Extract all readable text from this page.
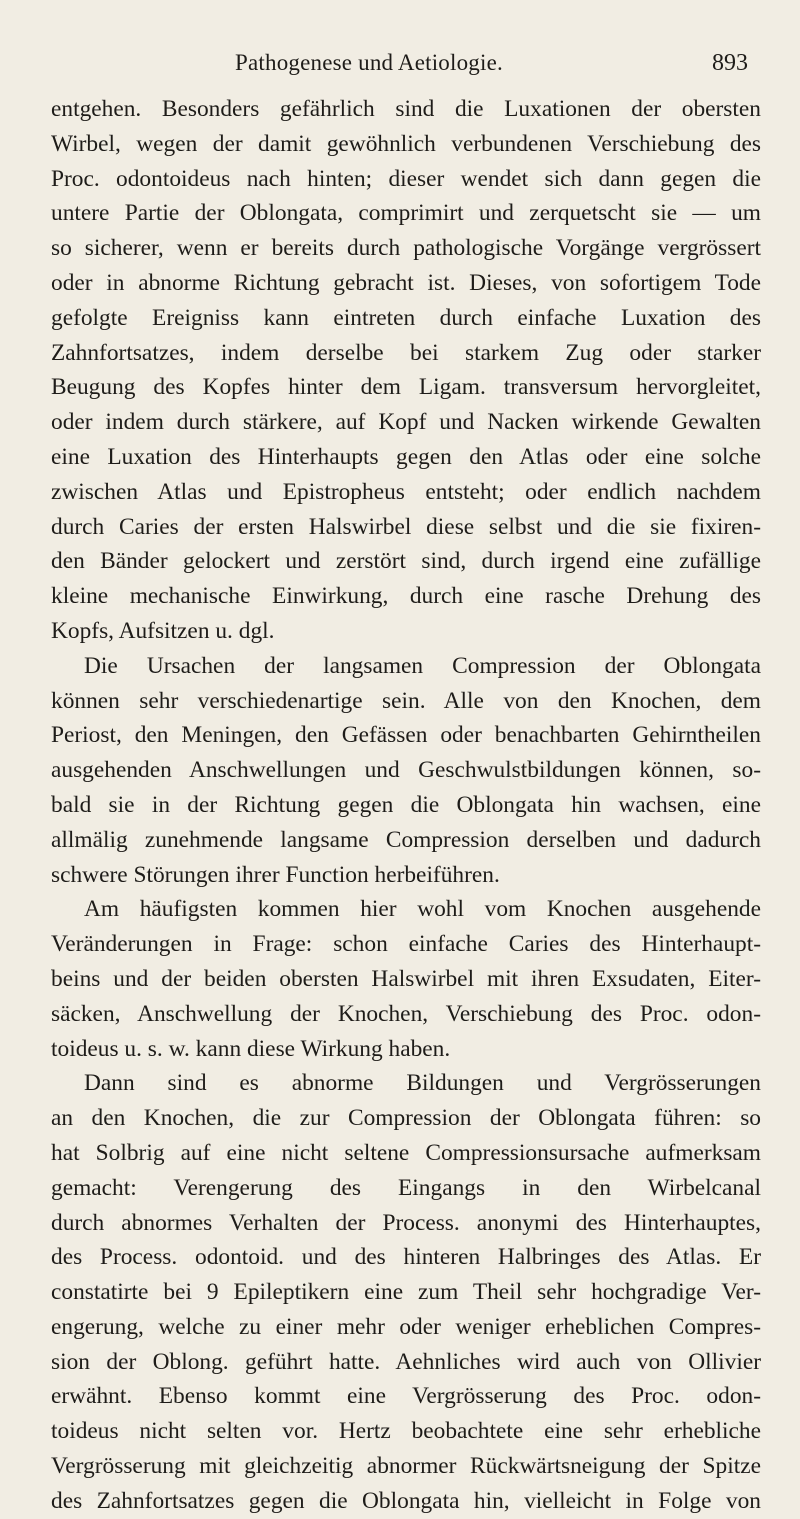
Pathogenese und Aetiologie.	893
entgehen. Besonders gefährlich sind die Luxationen der obersten
Wirbel, wegen der damit gewöhnlich verbundenen Verschiebung des
Proc. odontoideus nach hinten; dieser wendet sich dann gegen die
untere Partie der Oblongata, comprimirt und zerquetscht sie — um
so sicherer, wenn er bereits durch pathologische Vorgänge vergrössert
oder in abnorme Richtung gebracht ist. Dieses, von sofortigem Tode
gefolgte Ereigniss kann eintreten durch einfache Luxation des
Zahnfortsatzes, indem derselbe bei starkem Zug oder starker
Beugung des Kopfes hinter dem Ligam. transversum hervorgleitet,
oder indem durch stärkere, auf Kopf und Nacken wirkende Gewalten
eine Luxation des Hinterhaupts gegen den Atlas oder eine solche
zwischen Atlas und Epistropheus entsteht; oder endlich nachdem
durch Caries der ersten Halswirbel diese selbst und die sie fixiren-
den Bänder gelockert und zerstört sind, durch irgend eine zufällige
kleine mechanische Einwirkung, durch eine rasche Drehung des
Kopfs, Aufsitzen u. dgl.
Die Ursachen der langsamen Compression der Oblongata
können sehr verschiedenartige sein. Alle von den Knochen, dem
Periost, den Meningen, den Gefässen oder benachbarten Gehirntheilen
ausgehenden Anschwellungen und Geschwulstbildungen können, so-
bald sie in der Richtung gegen die Oblongata hin wachsen, eine
allmälig zunehmende langsame Compression derselben und dadurch
schwere Störungen ihrer Function herbeiführen.
Am häufigsten kommen hier wohl vom Knochen ausgehende
Veränderungen in Frage: schon einfache Caries des Hinterhaupt-
beins und der beiden obersten Halswirbel mit ihren Exsudaten, Eiter-
säcken, Anschwellung der Knochen, Verschiebung des Proc. odon-
toideus u. s. w. kann diese Wirkung haben.
Dann sind es abnorme Bildungen und Vergrösserungen
an den Knochen, die zur Compression der Oblongata führen: so
hat Solbrig auf eine nicht seltene Compressionsursache aufmerksam
gemacht: Verengerung des Eingangs in den Wirbelcanal
durch abnormes Verhalten der Process. anonymi des Hinterhauptes,
des Process. odontoid. und des hinteren Halbringes des Atlas. Er
constatirte bei 9 Epileptikern eine zum Theil sehr hochgradige Ver-
engerung, welche zu einer mehr oder weniger erheblichen Compres-
sion der Oblong. geführt hatte. Aehnliches wird auch von Ollivier
erwähnt. Ebenso kommt eine Vergrösserung des Proc. odon-
toideus nicht selten vor. Hertz beobachtete eine sehr erhebliche
Vergrösserung mit gleichzeitig abnormer Rückwärtsneigung der Spitze
des Zahnfortsatzes gegen die Oblongata hin, vielleicht in Folge von
